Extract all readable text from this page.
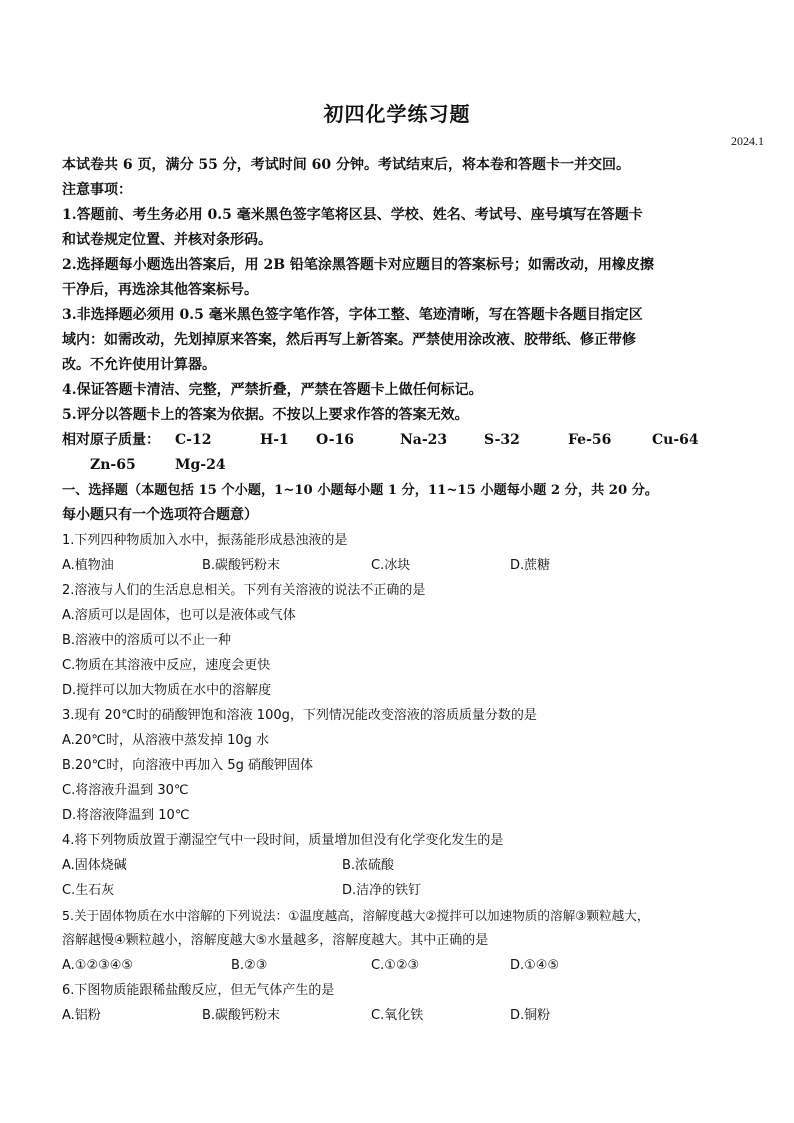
初四化学练习题
2024.1
本试卷共 6 页，满分 55 分，考试时间 60 分钟。考试结束后，将本卷和答题卡一并交回。
注意事项：
1.答题前、考生务必用 0.5 毫米黑色签字笔将区县、学校、姓名、考试号、座号填写在答题卡
和试卷规定位置、并核对条形码。
2.选择题每小题选出答案后，用 2B 铅笔涂黑答题卡对应题目的答案标号；如需改动，用橡皮擦
干净后，再选涂其他答案标号。
3.非选择题必须用 0.5 毫米黑色签字笔作答，字体工整、笔迹清晰，写在答题卡各题目指定区
域内：如需改动，先划掉原来答案，然后再写上新答案。严禁使用涂改液、胶带纸、修正带修
改。不允许使用计算器。
4.保证答题卡清洁、完整，严禁折叠，严禁在答题卡上做任何标记。
5.评分以答题卡上的答案为依据。不按以上要求作答的答案无效。
相对原子质量： C-12	H-1 O-16	Na-23	S-32	Fe-56	Cu-64
Zn-65	Mg-24
一、选择题（本题包括 15 个小题，1~10 小题每小题 1 分，11~15 小题每小题 2 分，共 20 分。
每小题只有一个选项符合题意）
1.下列四种物质加入水中，振荡能形成悬浊液的是
A.植物油	B.碳酸钙粉末	C.冰块	D.蔗糖
2.溶液与人们的生活息息相关。下列有关溶液的说法不正确的是
A.溶质可以是固体，也可以是液体或气体
B.溶液中的溶质可以不止一种
C.物质在其溶液中反应，速度会更快
D.搅拌可以加大物质在水中的溶解度
3.现有 20℃时的硝酸钾饱和溶液 100g，下列情况能改变溶液的溶质质量分数的是
A.20℃时，从溶液中蒸发掉 10g 水
B.20℃时，向溶液中再加入 5g 硝酸钾固体
C.将溶液升温到 30℃
D.将溶液降温到 10℃
4.将下列物质放置于潮湿空气中一段时间，质量增加但没有化学变化发生的是
A.固体烧碱	B.浓硫酸
C.生石灰	D.洁净的铁钉
5.关于固体物质在水中溶解的下列说法：①温度越高，溶解度越大②搅拌可以加速物质的溶解③颗粒越大，
溶解越慢④颗粒越小，溶解度越大⑤水量越多，溶解度越大。其中正确的是
A.①②③④⑤	B.②③	C.①②③	D.①④⑤
6.下图物质能跟稀盐酸反应，但无气体产生的是
A.铝粉	B.碳酸钙粉末	C.氧化铁	D.铜粉
